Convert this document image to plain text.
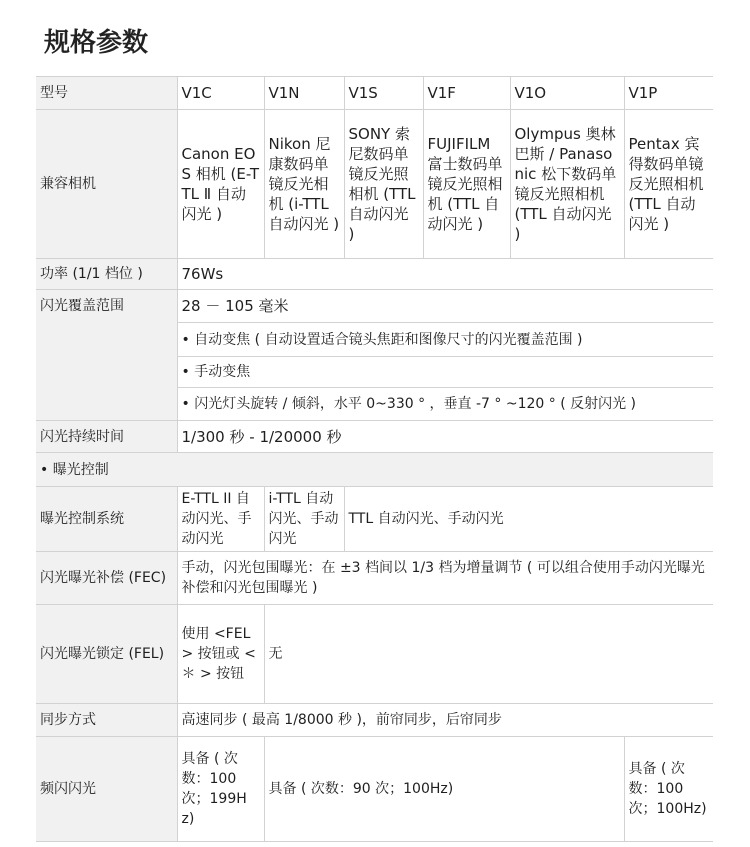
规格参数
型号	V1C	V1N	V1S	V1F	V1O	V1P
兼容相机	Canon EOS 相机 (E-TTL Ⅱ 自动闪光 )	Nikon 尼康数码单镜反光相机 (i-TTL 自动闪光 )	SONY 索尼数码单镜反光照相机 (TTL 自动闪光 )	FUJIFILM 富士数码单镜反光照相机 (TTL 自动闪光 )	Olympus 奥林巴斯 / Panasonic 松下数码单镜反光照相机 (TTL 自动闪光 )	Pentax 宾得数码单镜反光照相机 (TTL 自动闪光 )
功率 (1/1 档位 )	76Ws					
闪光覆盖范围	28 － 105 毫米					
	• 自动变焦 ( 自动设置适合镜头焦距和图像尺寸的闪光覆盖范围 )					
	• 手动变焦					
	• 闪光灯头旋转 / 倾斜，水平 0~330 ° ，垂直 -7 ° ~120 ° ( 反射闪光 )					
闪光持续时间	1/300 秒 - 1/20000 秒					
• 曝光控制						
曝光控制系统	E-TTL II 自动闪光、手动闪光	i-TTL 自动闪光、手动闪光	TTL 自动闪光、手动闪光			
闪光曝光补偿 (FEC)	手动，闪光包围曝光：在 ±3 档间以 1/3 档为增量调节 ( 可以组合使用手动闪光曝光补偿和闪光包围曝光 )					
闪光曝光锁定 (FEL)	使用 <FEL> 按钮或 < ＊ > 按钮	无				
同步方式	高速同步 ( 最高 1/8000 秒 )，前帘同步，后帘同步					
频闪闪光	具备 ( 次数：100 次；199Hz)	具备 ( 次数：90 次；100Hz)				具备 ( 次数：100 次；100Hz)
